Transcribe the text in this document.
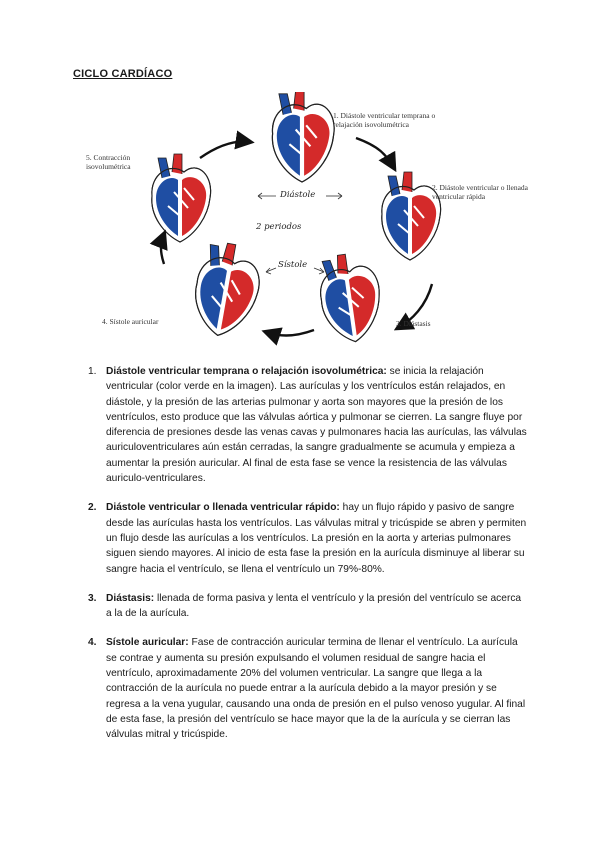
CICLO CARDÍACO
1. Diástole ventricular temprana o relajación isovolumétrica
2. Diástole ventricular o llenada ventricular rápida
3. Diástasis
4. Sístole auricular
5. Contracción isovolumétrica
Diástole
2 periodos
Sístole
1. Diástole ventricular temprana o relajación isovolumétrica: se inicia la relajación ventricular (color verde en la imagen). Las aurículas y los ventrículos están relajados, en diástole, y la presión de las arterias pulmonar y aorta son mayores que la presión de los ventrículos, esto produce que las válvulas aórtica y pulmonar se cierren. La sangre fluye por diferencia de presiones desde las venas cavas y pulmonares hacia las aurículas, las válvulas auriculoventriculares aún están cerradas, la sangre gradualmente se acumula y empieza a aumentar la presión auricular. Al final de esta fase se vence la resistencia de las válvulas auriculo-ventriculares.
2. Diástole ventricular o llenada ventricular rápido: hay un flujo rápido y pasivo de sangre desde las aurículas hasta los ventrículos. Las válvulas mitral y tricúspide se abren y permiten un flujo desde las aurículas a los ventrículos. La presión en la aorta y arterias pulmonares siguen siendo mayores. Al inicio de esta fase la presión en la aurícula disminuye al liberar su sangre hacia el ventrículo, se llena el ventrículo un 79%-80%.
3. Diástasis: llenada de forma pasiva y lenta el ventrículo y la presión del ventrículo se acerca a la de la aurícula.
4. Sístole auricular: Fase de contracción auricular termina de llenar el ventrículo. La aurícula se contrae y aumenta su presión expulsando el volumen residual de sangre hacia el ventrículo, aproximadamente 20% del volumen ventricular. La sangre que llega a la contracción de la aurícula no puede entrar a la aurícula debido a la mayor presión y se regresa a la vena yugular, causando una onda de presión en el pulso venoso yugular. Al final de esta fase, la presión del ventrículo se hace mayor que la de la aurícula y se cierran las válvulas mitral y tricúspide.
